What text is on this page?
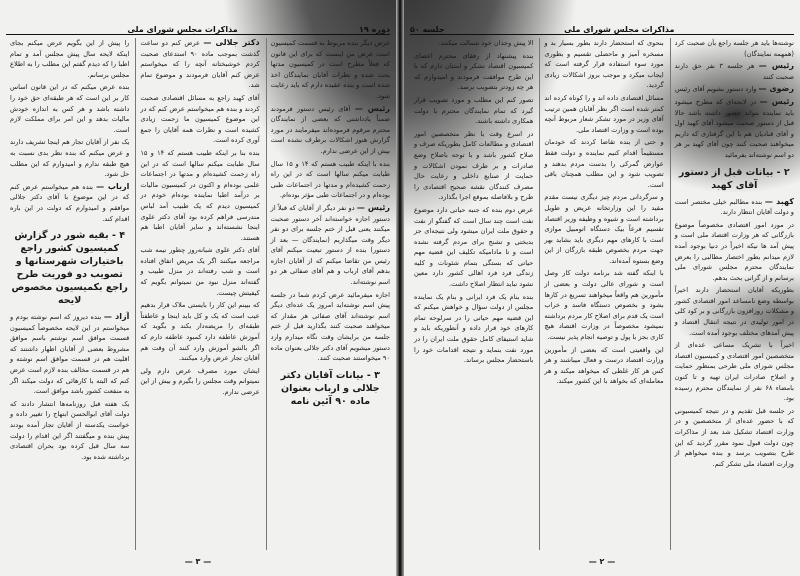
دوره ۱۹
مذاکرات مجلس شورای ملی

عرض دیگر بنده مربوط به قسمت کمیسیون است عرض من اینست که برای این قانون که فعلاً مطرح است در کمیسیون مدتها بحث شده و نظرات آقایان نمایندگان اخذ شده است و بنده عقیده دارم که باید رعایت شود.

رئیس — آقای رئیس دستور فرمودند ضمناً یادداشتی که بعضی از نمایندگان محترم مرقوم فرموده‌اند میفرمایند در مورد گزارش هنوز اشکالات برطرف نشده است بیش از این عرضی ندارم.

بنده با اینکه طبیب هستم که ۱۴ و ۱۵ سال طبابت میکنم سالها است که در این راه زحمت کشیده‌ام و مدتها در اجتماعات طبی بوده‌ام و در اجتماعات طبی مؤثر بوده‌ام.

رئیس — دو نفر دیگر از آقایان که قبلاً از دستور اجازه خواسته‌اند آخر دستور صحبت میکنند یعنی قبل از ختم جلسه برای دو نفر دیگر وقت میگذاریم (نمایندگان — بعد از دستور) بنده از دستور تبعیت میکنم آقای رئیس من تقاضا میکنم که از آقایان اجازه بدهم آقای ارباب و هم آقای صفائی هر دو اسم نوشته‌اند.

اجازه میفرمائید عرض کردم شما در جلسه پیش اسم نوشته‌اید امروز یک عده‌ای دیگر اسم نوشته‌اند آقای صفائی هر مقدار که میخواهند صحبت کنند بگذارید قبل از ختم جلسه من برایشان وقت نگاه میدارم وارد دستور میشویم آقای دکتر جلالی بعنوان ماده ۹۰ میخواستند صحبت کنند.

۳ - بیانات آقایان دکتر جلالی و ارباب بعنوان ماده ۹۰ آئین نامه

دکتر جلالی — عرض کنم دو ساعت گذشت بموجب ماده ۹۰ استدعای صحبت کردم خوشبختانه آنچه را که میخواستم عرض کنم آقایان فرمودند و موضوع تمام شد.

آقای کهبد راجع به مسائل اقتصادی صحبت کردند و بنده هم میخواستم عرض کنم که در این موضوع کمیسیون ما زحمت زیادی کشیده است و نظرات همه آقایان را جمع آوری کرده است.

بنده بنا بر اینکه طبیب هستم که ۱۴ و ۱۵ سال طبابت میکنم سالها است که در این راه زحمت کشیده‌ام و مدتها در اجتماعات علمی بوده‌ام و اکنون در کمیسیون مالیات بر درآمد اطبا نماینده بوده‌ام خودم در کمیسیون دیدم که یک طبیب آمد لباس مندرسی فراهم کرده بود آقای دکتر علوی اینجا نشسته‌اند و سایر آقایان اطبا هم هستند.

آقای دکتر علوی شبانه‌روز چطور نیمه شب مراجعه میکنند اگر یک مریض اتفاق افتاده است و شب رفته‌اند در منزل طبیب و گفته‌اند منزل نبود من نمیتوانم بگویم که کیفیتش چیست.

که ببینم این کار را بایستی ملاک قرار بدهیم عیب است که یک و کل باید اینجا و عاطفتاً طبقه‌ای را مریضه‌دار بکند و بگوید که آموزش عاطفه دارد کمبود عاطفه دارم که اگر بالشو آموزش وارد کنند آن وقت هم آقایان تجار عرض وارد میکنند.

ایشان مورد مصرف عرض دارم ولی نمیتوانم وقت مجلس را بگیرم و بیش از این عرضی ندارم.

را پیش از این بگویم عرض میکنم بجای اینکه لایحه سال پیش مجلس آمد و تمام اطبا را که دیدم گفتم این مطلب را به اطلاع مجلس برسانم.

بنده عرض میکنم که در این قانون اساس کار بر این است که هر طبقه‌ای حق خود را داشته باشد و هر کس به اندازه خودش مالیات بدهد و این امر برای مملکت لازم است.

یک نفر از آقایان تجار هم اینجا تشریف دارند و عرض میکنم که بنده نظر بدی نسبت به هیچ طبقه ندارم و امیدوارم که این مطلب حل شود.

ارباب — بنده هم میخواستم عرض کنم که در این موضوع با آقای دکتر جلالی موافقم و امیدوارم که دولت در این باره اقدام کند.

۴ - بقیه شور در گزارش کمیسیون کشور راجع باختیارات شهرستانها و تصویب دو فوریت طرح راجع بکمیسیون مخصوص لایحه

آزاد — بنده دیروز که اسم نوشته بودم و میخواستم در این لایحه مخصوصاً کمیسیون قسمت موافق اسم نوشتم باسم موافق مشروط بعضی از آقایان اظهار داشتند که اقلیت هم در قسمت موافق اسم نوشته و هم در قسمت مخالف بنده لازم است عرض کنم که البته با کارهائی که دولت میکند اگر به منفعت کشور باشد موافق است.

یک هفته قبل روزنامه‌ها انتشار دادند که دولت آقای ابوالحسن ابتهاج را تغییر داده و خواست یکدسته از آقایان تجار آمده بودند پیش بنده و میگفتند اگر این اقدام را دولت سه سال قبل کرده بود بحران اقتصادی برداشته شده بود.

— ۳ —
مذاکرات مجلس شورای ملی
جلسه ۵۰

نوشته‌ها باید هر جلسه راجع بآن صحبت کرد (همهمه نمایندگان)

رئیس — هر جلسه ۳ نفر حق دارند صحبت کنند

رضوی — وارد دستور بشویم آقای رئیس

رئیس — در لایحه‌ای که مطرح میشود باید نماینده بتواند حضور داشته باشد حالا قبل از دستور صحبت میشود آقای کهبد اول و آقای قنادیان هم با این گرفتاری که داریم میخواهند صحبت کنند چون آقای کهبد بر هر دو اسم نوشته‌اند بفرمائید

۲ - بیانات قبل از دستور آقای کهبد

کهبد — بنده مطالبم خیلی مختصر است و دولت آقایان انتظار دارند.

در مورد امور اقتصادی مخصوصاً موضوع بازرگانی که هر وزارت اقتصاد ملی است و پیش آمد ها نیکه اخیراً در دنیا بوجود آمده لازم میدانم بطور اختصار مطالبی را بعرض نمایندگان محترم مجلس شورای ملی برسانم و از گرانی بحث بدهم.

بطوریکه آقایان استحضار دارند اخیراً بواسطه وضع نامساعد امور اقتصادی کشور و مشکلات روزافزون بازرگانی و بر کود کلی در امور تولیدی در نتیجه انتقال اقتصاد و پیش آمدهای مختلف بوجود آمده است.

اخیراً با تشریک مساعی عده‌ای از متخصصین امور اقتصادی و کمیسیون اقتصاد مجلس شورای ملی طرحی بمنظور حمایت و اصلاح صادرات ایران تهیه و تا کنون بامضاء ۶۸ نفر از نمایندگان محترم رسیده بود.

در جلسه قبل تقدیم و در نتیجه کمیسیونی که با حضور عده‌ای از متخصصین و در وزارت اقتصاد تشکیل شد بعد از مذاکرات چون دولت قبول نمود مقرر گردید که این طرح بتصویب برسد و بنده میخواهم از وزارت اقتصاد ملی تشکر کنم.

بنحوی که استحضار دارند بطور بسیار بد و مسخره آمیز و ماحصلی تقسیم و بطوری مورد سوء استفاده قرار گرفته است که ایجاب میکرد و موجب بروز اشکالات زیادی گردید.

مسائل اقتصادی داده اند و را کوتاه کرده اند کمتر شده است اگر نظر آقایان همین ترتیب آقای وزیر در مورد تشکر شعار مربوط آنچه بوده است و وزارت اقتصاد ملی.

و حتی از بنده تقاضا کردند که خودمان مستقیماً اقدام کنیم نماینده و دولت فقط عوارض گمرکی را بدست مردم بدهند و تصویب شود و این مطلب همچنان باقی است.

و سرگردانی مردم چیز دیگری نیست مقدم مقید را این وزارتخانه عریض و طویل برداشته است و شیوه و وظیفه وزیر اقتصاد تقسیم فرعاً بیک دستگاه اتومبیل موازی است با کارهای مهم دیگری باید بشاید بهر جهت مردم بخصوص طبقه بازرگان از این وضع بستوه آمده‌اند.

با اینکه گفته شد برنامه دولت کار وصل است و شورای عالی دولت و بعضی از مأمورین هم واقعاً میخواهند تسریع در کارها بشود و بخصوص دستگاه فاسد و خراب است یک قدم برای اصلاح کار مردم برداشته نمیشود مخصوصاً در وزارت اقتصاد هیچ کاری بجز با پول و توصیه انجام پذیر نیست.

این واقعیتی است که بعضی از مأمورین وزارت اقتصاد درست و فعال میباشند و هر کس هر کار غلطی که میخواهد میکند و هر معامله‌ای که بخواهد با این کشور میکند.

الا پیش وجدان خود شمالت میکنند.

بنده پیشنهاد از رفقای محترم اعضای کمیسیون اقتصاد تشکر و امتنان دارم که با این طرح موافقت فرمودند و امیدوارم که هر چه زودتر بتصویب برسد.

تصور کنم این مطلب و مورد تصویب قرار گیرد که تمام نمایندگان محترم با دولت همکاری داشته باشند.

در اسرع وقت با نظر متخصصین امور اقتصادی و مطالعات کامل بطوریکه صرف و صلاح کشور باشد و با توجه باصلاح وضع صادرات و بر طرف نمودن اشکالات و حمایت از صنایع داخلی و رعایت حال مصرف کنندگان نقشه صحیح اقتصادی را طرح و بلافاصله بموقع اجرا بگذارد.

عرض دوم بنده که جنبه حیاتی دارد موضوع نفت است چند سال است که گفتگو از نفت و حقوق ملت ایران میشود ولی نتیجه‌ای جز بدبختی و تشنج برای مردم گرفته نشده است و تا مادامیکه تکلیف این قضیه مهم حیاتی که بستگی بتمام شئونات و کلیه زندگی فرد فرد اهالی کشور دارد معین نشود نباید انتظار اصلاح داشت.

بنده بنام یک فرد ایرانی و بنام یک نماینده مجلس از دولت سؤال و خواهش میکنم که این قضیه مهم حیاتی را در سرلوحه تمام کارهای خود قرار داده و آنطوریکه باید و شاید استیفای کامل حقوق ملت ایران را در مورد نفت بنماید و نتیجه اقدامات خود را باستحضار مجلس برساند.

— ۲ —
